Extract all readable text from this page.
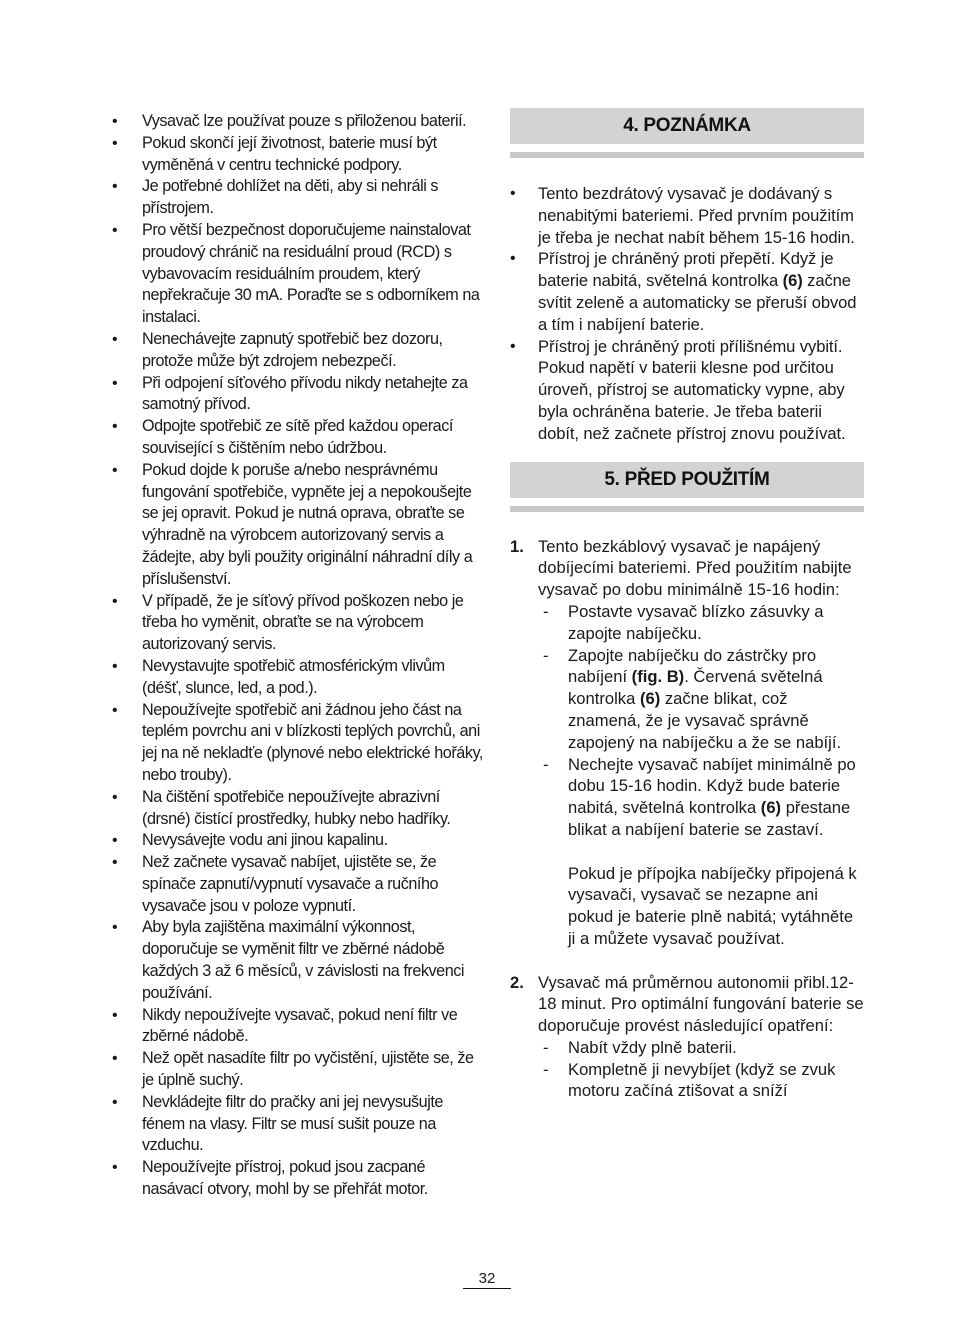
• Vysavač lze používat pouze s přiloženou baterií.
• Pokud skončí její životnost, baterie musí být vyměněná v centru technické podpory.
• Je potřebné dohlížet na děti, aby si nehráli s přístrojem.
• Pro větší bezpečnost doporučujeme nainstalovat proudový chránič na residuální proud (RCD) s vybavovacím residuálním proudem, který nepřekračuje 30 mA. Poraďte se s odborníkem na instalaci.
• Nenechávejte zapnutý spotřebič bez dozoru, protože může být zdrojem nebezpečí.
• Při odpojení síťového přívodu nikdy netahejte za samotný přívod.
• Odpojte spotřebič ze sítě před každou operací související s čištěním nebo údržbou.
• Pokud dojde k poruše a/nebo nesprávnému fungování spotřebiče, vypněte jej a nepokoušejte se jej opravit. Pokud je nutná oprava, obraťte se výhradně na výrobcem autorizovaný servis a žádejte, aby byli použity originální náhradní díly a příslušenství.
• V případě, že je síťový přívod poškozen nebo je třeba ho vyměnit, obraťte se na výrobcem autorizovaný servis.
• Nevystavujte spotřebič atmosférickým vlivům (déšť, slunce, led, a pod.).
• Nepoužívejte spotřebič ani žádnou jeho část na teplém povrchu ani v blízkosti teplých povrchů, ani jej na ně nekladťe (plynové nebo elektrické hořáky, nebo trouby).
• Na čištění spotřebiče nepoužívejte abrazivní (drsné) čistící prostředky, hubky nebo hadříky.
• Nevysávejte vodu ani jinou kapalinu.
• Než začnete vysavač nabíjet, ujistěte se, že spínače zapnutí/vypnutí vysavače a ručního vysavače jsou v poloze vypnutí.
• Aby byla zajištěna maximální výkonnost, doporučuje se vyměnit filtr ve zběrné nádobě každých 3 až 6 měsíců, v závislosti na frekvenci používání.
• Nikdy nepoužívejte vysavač, pokud není filtr ve zběrné nádobě.
• Než opět nasadíte filtr po vyčistění, ujistěte se, že je úplně suchý.
• Nevkládejte filtr do pračky ani jej nevysušujte fénem na vlasy. Filtr se musí sušit pouze na vzduchu.
• Nepoužívejte přístroj, pokud jsou zacpané nasávací otvory, mohl by se přehřát motor.
4. POZNÁMKA
• Tento bezdrátový vysavač je dodávaný s nenabitými bateriemi. Před prvním použitím je třeba je nechat nabít během 15-16 hodin.
• Přístroj je chráněný proti přepětí. Když je baterie nabitá, světelná kontrolka (6) začne svítit zeleně a automaticky se přeruší obvod a tím i nabíjení baterie.
• Přístroj je chráněný proti přílišnému vybití. Pokud napětí v baterii klesne pod určitou úroveň, přístroj se automaticky vypne, aby byla ochráněna baterie. Je třeba baterii dobít, než začnete přístroj znovu používat.
5. PŘED POUŽITÍM
1. Tento bezkáblový vysavač je napájený dobíjecími bateriemi. Před použitím nabijte vysavač po dobu minimálně 15-16 hodin:
- Postavte vysavač blízko zásuvky a zapojte nabíječku.
- Zapojte nabíječku do zástrčky pro nabíjení (fig. B). Červená světelná kontrolka (6) začne blikat, což znamená, že je vysavač správně zapojený na nabíječku a že se nabíjí.
- Nechejte vysavač nabíjet minimálně po dobu 15-16 hodin. Když bude baterie nabitá, světelná kontrolka (6) přestane blikat a nabíjení baterie se zastaví.
Pokud je přípojka nabíječky připojená k vysavači, vysavač se nezapne ani pokud je baterie plně nabitá; vytáhněte ji a můžete vysavač používat.
2. Vysavač má průměrnou autonomii přibl.12-18 minut. Pro optimální fungování baterie se doporučuje provést následující opatření:
- Nabít vždy plně baterii.
- Kompletně ji nevybíjet (když se zvuk motoru začíná ztišovat a sníží
32
